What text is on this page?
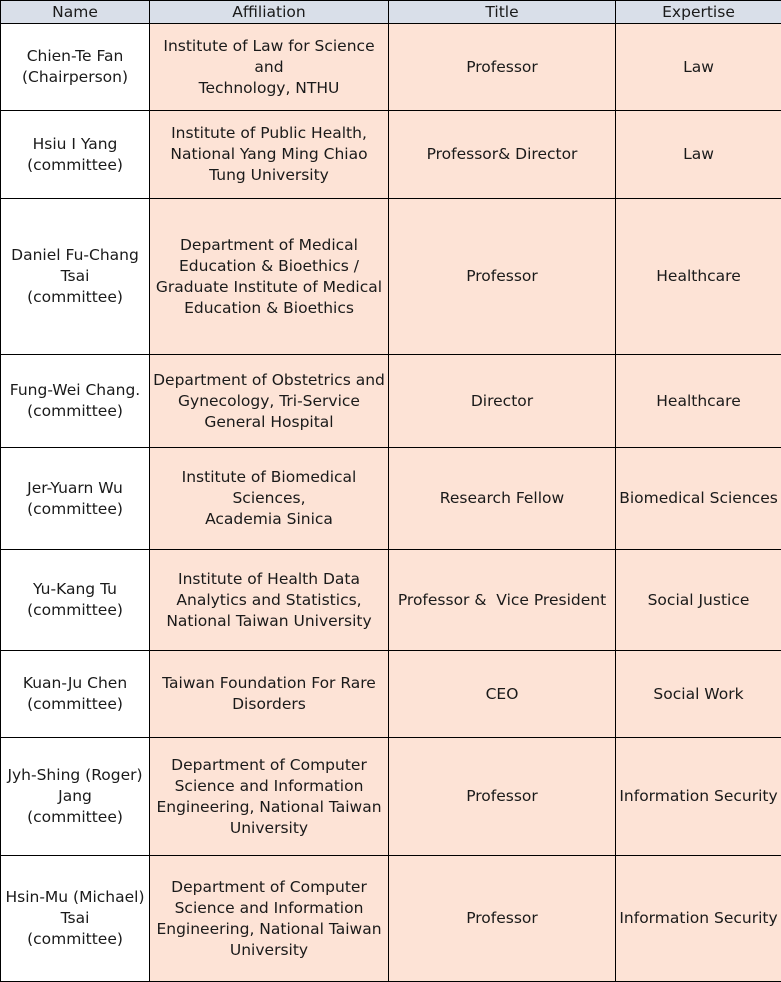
Name	Affiliation	Title	Expertise

Chien-Te Fan
(Chairperson)	Institute of Law for Science
and
Technology, NTHU	Professor	Law

Hsiu I Yang
(committee)	Institute of Public Health,
National Yang Ming Chiao
Tung University	Professor& Director	Law

Daniel Fu-Chang
Tsai
(committee)	Department of Medical
Education & Bioethics /
Graduate Institute of Medical
Education & Bioethics	Professor	Healthcare

Fung-Wei Chang.
(committee)	Department of Obstetrics and
Gynecology, Tri-Service
General Hospital	Director	Healthcare

Jer-Yuarn Wu
(committee)	Institute of Biomedical
Sciences,
Academia Sinica	Research Fellow	Biomedical Sciences

Yu-Kang Tu
(committee)	Institute of Health Data
Analytics and Statistics,
National Taiwan University	Professor &  Vice President	Social Justice

Kuan-Ju Chen
(committee)	Taiwan Foundation For Rare
Disorders	CEO	Social Work

Jyh-Shing (Roger)
Jang
(committee)	Department of Computer
Science and Information
Engineering, National Taiwan
University	Professor	Information Security

Hsin-Mu (Michael)
Tsai
(committee)	Department of Computer
Science and Information
Engineering, National Taiwan
University	Professor	Information Security
